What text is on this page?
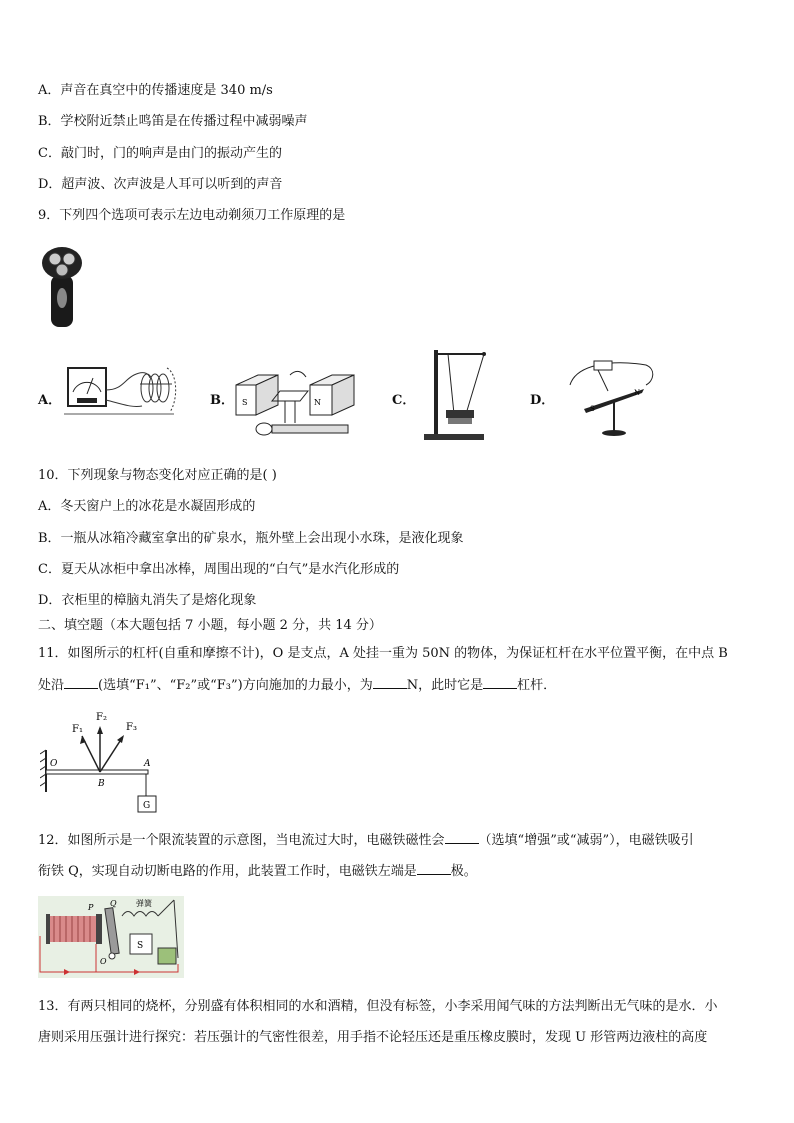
A．声音在真空中的传播速度是 340 m/s
B．学校附近禁止鸣笛是在传播过程中减弱噪声
C．敲门时，门的响声是由门的振动产生的
D．超声波、次声波是人耳可以听到的声音
9．下列四个选项可表示左边电动剃须刀工作原理的是
A．	B． S	N	C．	D．
S
N
10．下列现象与物态变化对应正确的是( )
A．冬天窗户上的冰花是水凝固形成的
B．一瓶从冰箱冷藏室拿出的矿泉水，瓶外壁上会出现小水珠，是液化现象
C．夏天从冰柜中拿出冰棒，周围出现的“白气”是水汽化形成的
D．衣柜里的樟脑丸消失了是熔化现象
二、填空题（本大题包括 7 小题，每小题 2 分，共 14 分）
11．如图所示的杠杆(自重和摩擦不计)，O 是支点，A 处挂一重为 50N 的物体，为保证杠杆在水平位置平衡，在中点 B
处沿	(选填“F₁”、“F₂”或“F₃”)方向施加的力最小，为	N，此时它是	杠杆．
O	A
B
F₁
F₂
F₃
G
12．如图所示是一个限流装置的示意图，当电流过大时，电磁铁磁性会	（选填“增强”或“减弱”），电磁铁吸引
衔铁 Q，实现自动切断电路的作用，此装置工作时，电磁铁左端是	极。
P Q 弹簧
S
O
13．有两只相同的烧杯，分别盛有体积相同的水和酒精，但没有标签，小李采用闻气味的方法判断出无气味的是水．小
唐则采用压强计进行探究：若压强计的气密性很差，用手指不论轻压还是重压橡皮膜时，发现 U 形管两边液柱的高度
